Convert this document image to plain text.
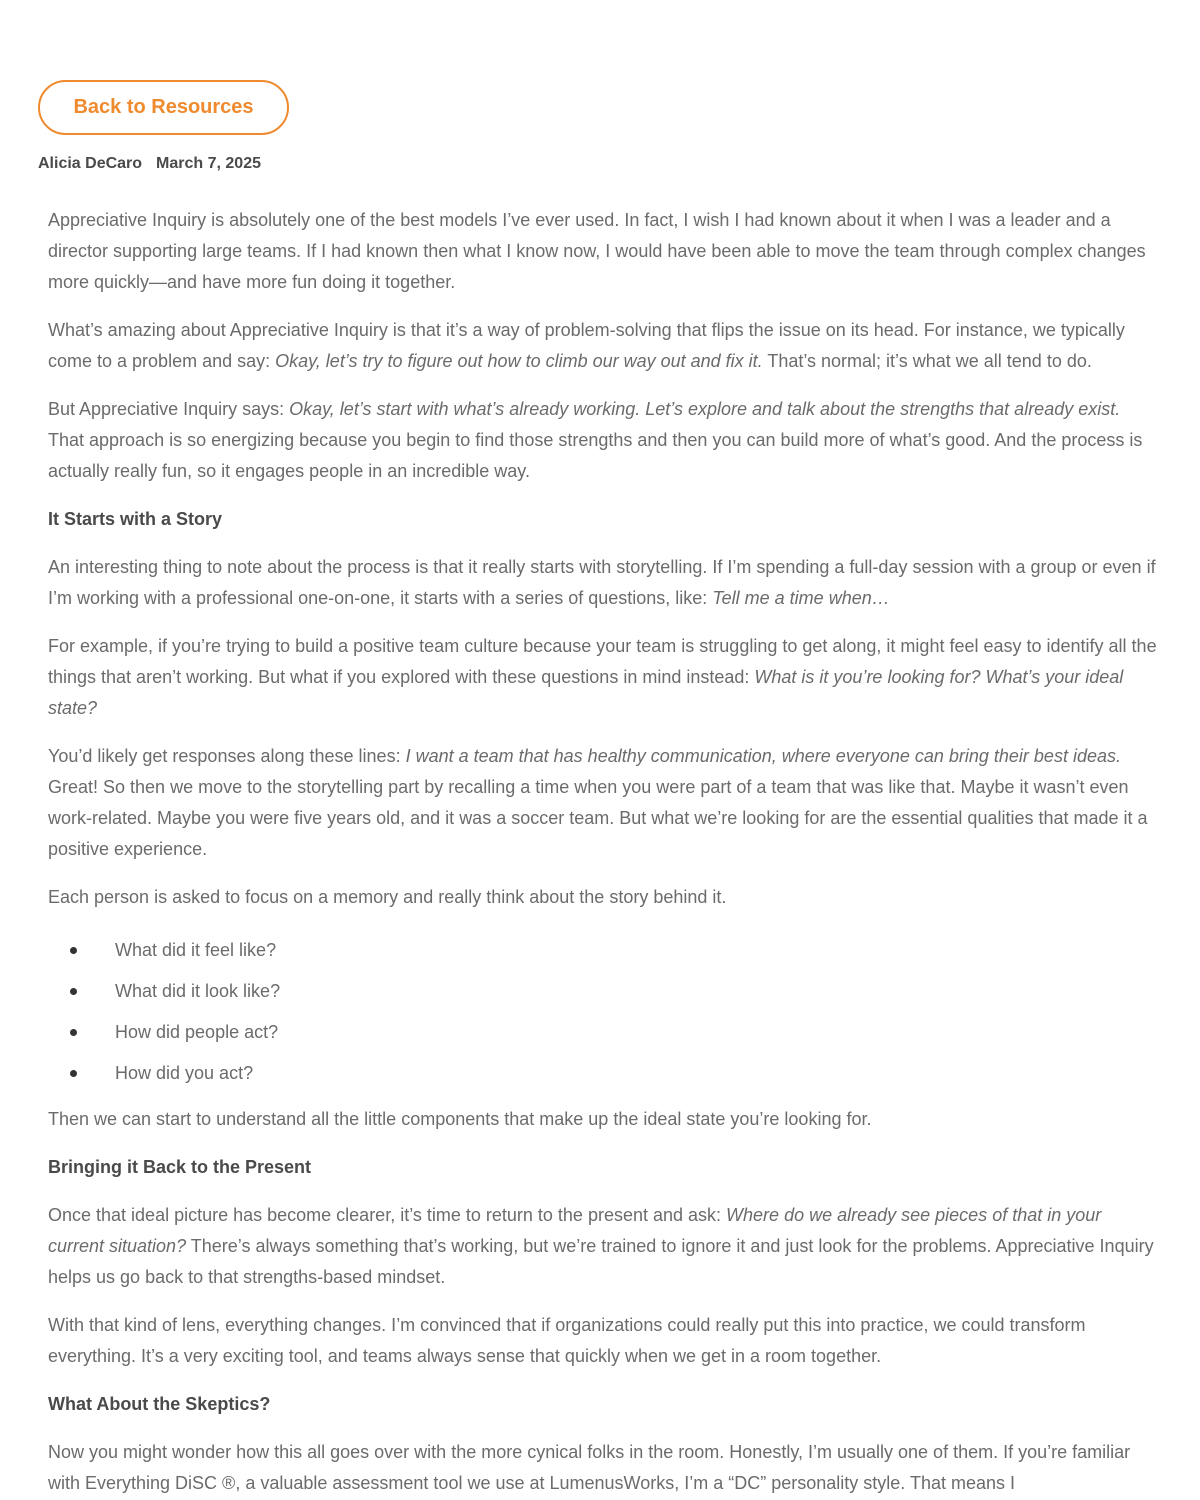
Back to Resources
Alicia DeCaro March 7, 2025

Appreciative Inquiry is absolutely one of the best models I’ve ever used. In fact, I wish I had known about it when I was a leader and a director supporting large teams. If I had known then what I know now, I would have been able to move the team through complex changes more quickly—and have more fun doing it together.

What’s amazing about Appreciative Inquiry is that it’s a way of problem-solving that flips the issue on its head. For instance, we typically come to a problem and say: Okay, let’s try to figure out how to climb our way out and fix it. That’s normal; it’s what we all tend to do.

But Appreciative Inquiry says: Okay, let’s start with what’s already working. Let’s explore and talk about the strengths that already exist. That approach is so energizing because you begin to find those strengths and then you can build more of what’s good. And the process is actually really fun, so it engages people in an incredible way.

It Starts with a Story

An interesting thing to note about the process is that it really starts with storytelling. If I’m spending a full-day session with a group or even if I’m working with a professional one-on-one, it starts with a series of questions, like: Tell me a time when…

For example, if you’re trying to build a positive team culture because your team is struggling to get along, it might feel easy to identify all the things that aren’t working. But what if you explored with these questions in mind instead: What is it you’re looking for? What’s your ideal state?

You’d likely get responses along these lines: I want a team that has healthy communication, where everyone can bring their best ideas. Great! So then we move to the storytelling part by recalling a time when you were part of a team that was like that. Maybe it wasn’t even work-related. Maybe you were five years old, and it was a soccer team. But what we’re looking for are the essential qualities that made it a positive experience.

Each person is asked to focus on a memory and really think about the story behind it.

What did it feel like?
What did it look like?
How did people act?
How did you act?

Then we can start to understand all the little components that make up the ideal state you’re looking for.

Bringing it Back to the Present

Once that ideal picture has become clearer, it’s time to return to the present and ask: Where do we already see pieces of that in your current situation? There’s always something that’s working, but we’re trained to ignore it and just look for the problems. Appreciative Inquiry helps us go back to that strengths-based mindset.

With that kind of lens, everything changes. I’m convinced that if organizations could really put this into practice, we could transform everything. It’s a very exciting tool, and teams always sense that quickly when we get in a room together.

What About the Skeptics?

Now you might wonder how this all goes over with the more cynical folks in the room. Honestly, I’m usually one of them. If you’re familiar with Everything DiSC ®, a valuable assessment tool we use at LumenusWorks, I’m a “DC” personality style. That means I
